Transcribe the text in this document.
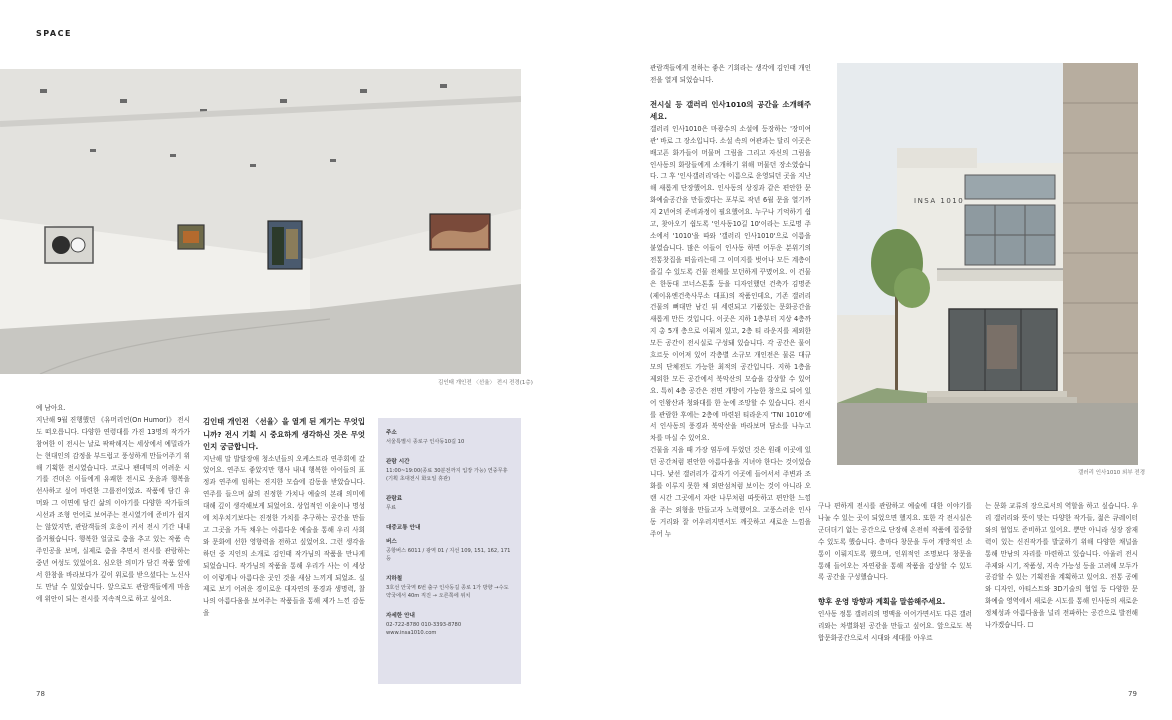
SPACE
김인태 개인전 〈선율〉 전시 전경(1층)

예 남아요.

지난해 9월 진행했던 《유머리언(On Humor)》 전시도 떠오릅니다. 다양한 연령대를 가진 13명의 작가가 참여한 이 전시는 날로 팍팍해지는 세상에서 예밀라가는 현대인의 감정을 부드럽고 풍성하게 만들어주기 위해 기획한 전시였습니다. 코로나 팬데믹의 어려운 시기를 견뎌온 이들에게 유쾌한 전시로 웃음과 행복을 선사하고 싶어 마련한 그룹전이었죠. 작품에 담긴 유머와 그 이면에 담긴 삶의 이야기를 다양한 작가들의 시선과 조형 언어로 보여주는 전시였기에 준비가 쉽지는 않았지만, 관람객들의 호응이 커서 전시 기간 내내 즐거웠습니다. 행복한 얼굴로 춤을 추고 있는 작품 속 주인공을 보며, 실제로 춤을 추면서 전시를 관람하는 중년 여성도 있었어요. 심오한 의미가 담긴 작품 앞에서 한참을 바라보다가 깊이 위로를 받으셨다는 노신사도 만날 수 있었습니다. 앞으로도 관람객들에게 마음에 위안이 되는 전시를 지속적으로 하고 싶어요.

김인태 개인전 〈선율〉을 열게 된 계기는 무엇입니까? 전시 기획 시 중요하게 생각하신 것은 무엇인지 궁금합니다.

지난해 말 발달장애 청소년들의 오케스트라 연주회에 갔었어요. 연주도 좋았지만 행사 내내 행복한 아이들의 표정과 연주에 임하는 진지한 모습에 감동을 받았습니다. 연주를 들으며 삶의 진정한 가치나 예술의 본래 의미에 대해 깊이 생각해보게 되었어요. 상업적인 이윤이나 명성에 치우치기보다는 진정한 가치를 추구하는 공간을 만들고 그곳을 가득 채우는 아름다운 예술을 통해 우리 사회와 문화에 선한 영향력을 전하고 싶었어요. 그런 생각을 하던 중 지인의 소개로 김인태 작가님의 작품을 만나게 되었습니다. 작가님의 작품을 통해 우리가 사는 이 세상이 이렇게나 아름다운 곳인 것을 새삼 느끼게 되었죠. 실제로 보기 어려운 경이로운 대자연의 풍경과 생명력, 찰나의 아름다움을 보여주는 작품들을 통해 제가 느낀 감동을

주소
서울특별시 종로구 인사동10길 10
관람 시간
11:00~19:00(종료 30분전까지 입장 가능) 연중무휴 (기획 초대전시 화요일 휴관)
관람료
무료
대중교통 안내
버스
공항버스 6011 / 광역 01 / 지선 109, 151, 162, 171 등
지하철
3호선 안국역 6번 출구 인사동길 종로 1가 방향 →수도약국에서 40m 직진 → 오른쪽에 위치
자세한 안내
02-722-8780 010-3393-8780 www.insa1010.com
78

관람객들에게 전하는 좋은 기회라는 생각에 김인태 개인전을 열게 되었습니다.

전시실 등 갤러리 인사1010의 공간을 소개해주세요.

갤러리 인사1010은 마광수의 소설에 등장하는 '장미여관' 바로 그 장소입니다. 소설 속의 여관과는 달리 이곳은 배고픈 화가들이 머물며 그림을 그리고 자신의 그림을 인사동의 화랑들에게 소개하기 위해 머물던 장소였습니다. 그 후 '인사갤러리'라는 이름으로 운영되던 곳을 지난해 새롭게 단장했어요. 인사동의 상징과 같은 편안한 문화예술공간을 만들겠다는 포부로 작년 6월 문을 열기까지 2년여의 준비과정이 필요했어요. 누구나 기억하기 쉽고, 찾아오기 쉽도록 '인사동10길 10'이라는 도로명 주소에서 '1010'을 따와 '갤러리 인사1010'으로 이름을 붙였습니다. 많은 이들이 인사동 하면 어두운 분위기의 전통찻집을 떠올리는데 그 이미지를 벗어나 모든 계층이 즐길 수 있도록 건물 전체를 모던하게 꾸몄어요. 이 건물은 한동대 코너스톤홀 등을 디자인했던 건축가 김명준(제이유엔건축사무소 대표)의 작품인데요, 기존 갤러리 건물의 뼈대만 남긴 뒤 세련되고 기품있는 문화공간을 새롭게 만든 것입니다. 이곳은 지하 1층부터 지상 4층까지 총 5개 층으로 이뤄져 있고, 2층 티 라운지를 제외한 모든 공간이 전시실로 구성돼 있습니다. 각 공간은 물이 흐르듯 이어져 있어 각층별 소규모 개인전은 물론 대규모의 단체전도 가능한 최적의 공간입니다. 지하 1층을 제외한 모든 공간에서 북악산의 모습을 감상할 수 있어요. 특히 4층 공간은 전면 개방이 가능한 창으로 되어 있어 인왕산과 청와대를 한 눈에 조망할 수 있습니다. 전시를 관람한 후에는 2층에 마련된 티라운지 'TNI 1010'에서 인사동의 풍경과 북악산을 바라보며 담소를 나누고 차를 마실 수 있어요.

건물을 지을 때 가장 염두에 두었던 것은 원래 이곳에 있던 공간처럼 편안한 아름다움을 지녀야 한다는 것이었습니다. 낯선 갤러리가 갑자기 이곳에 들어서서 주변과 조화를 이루지 못한 채 외딴섬처럼 보이는 것이 아니라 오랜 시간 그곳에서 자란 나무처럼 따뜻하고 편안한 느낌을 주는 외형을 만들고자 노력했어요. 고풍스러운 인사동 거리와 잘 어우러지면서도 깨끗하고 새로운 느낌을 주어 누

INSA 1010
갤러리 인사1010 외부 전경

구나 편하게 전시를 관람하고 예술에 대한 이야기를 나눌 수 있는 곳이 되었으면 했지요. 또한 각 전시실은 군더더기 없는 공간으로 단장해 온전히 작품에 집중할 수 있도록 했습니다. 층마다 창문을 두어 개방적인 소통이 이뤄지도록 했으며, 인위적인 조명보다 창문을 통해 들어오는 자연광을 통해 작품을 감상할 수 있도록 공간을 구성했습니다.

향후 운영 방향과 계획을 말씀해주세요.

인사동 정통 갤러리의 명맥을 이어가면서도 다른 갤러리와는 차별화된 공간을 만들고 싶어요. 앞으로도 복합문화공간으로서 시대와 세대를 아우르

는 문화 교류의 장으로서의 역할을 하고 싶습니다. 우리 갤러리와 뜻이 맞는 다양한 작가들, 젊은 큐레이터와의 협업도 준비하고 있어요. 뿐만 아니라 성장 잠재력이 있는 신진작가를 발굴하기 위해 다양한 채널을 통해 만남의 자리를 마련하고 있습니다. 아울러 전시 주제와 시기, 작품성, 지속 가능성 등을 고려해 모두가 공감할 수 있는 기획전을 계획하고 있어요. 전통 공예와 디자인, 아티스트와 3D기술의 협업 등 다양한 문화예술 영역에서 새로운 시도를 통해 인사동의 새로운 정체성과 아름다움을 널리 전파하는 공간으로 발전해나가겠습니다. ☐

79
